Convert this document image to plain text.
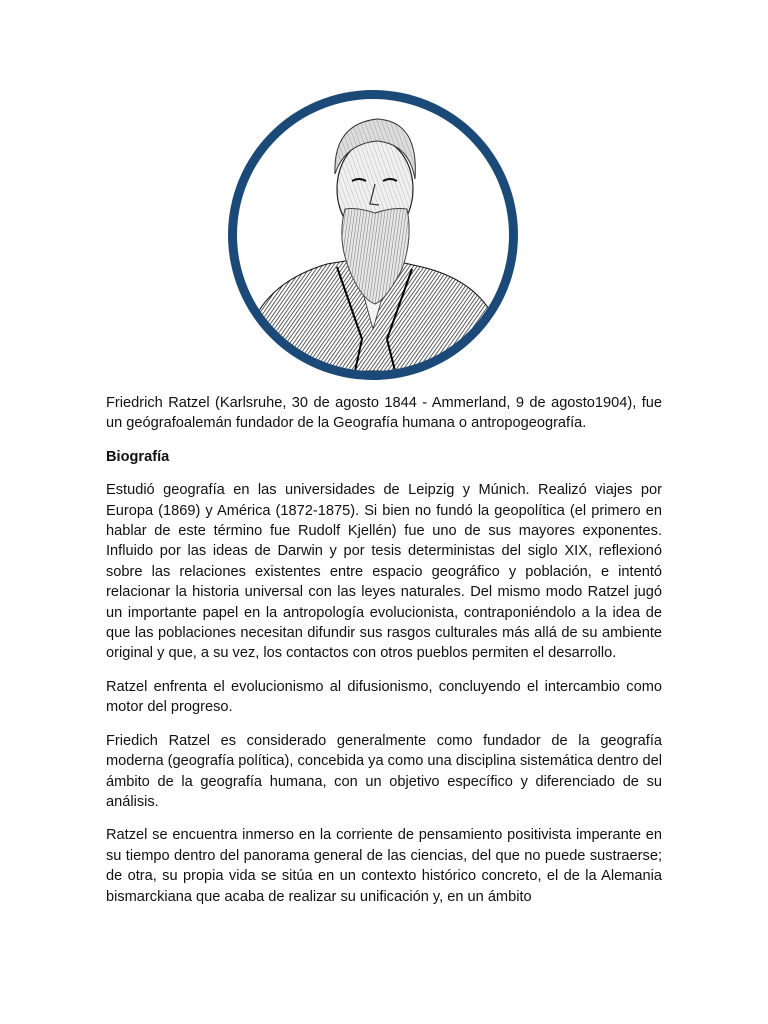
Friedrich Ratzel (Karlsruhe, 30 de agosto 1844 - Ammerland, 9 de agosto1904), fue un geógrafoalemán fundador de la Geografía humana o antropogeografía.

Biografía

Estudió geografía en las universidades de Leipzig y Múnich. Realizó viajes por Europa (1869) y América (1872-1875). Si bien no fundó la geopolítica (el primero en hablar de este término fue Rudolf Kjellén) fue uno de sus mayores exponentes. Influido por las ideas de Darwin y por tesis deterministas del siglo XIX, reflexionó sobre las relaciones existentes entre espacio geográfico y población, e intentó relacionar la historia universal con las leyes naturales. Del mismo modo Ratzel jugó un importante papel en la antropología evolucionista, contraponiéndolo a la idea de que las poblaciones necesitan difundir sus rasgos culturales más allá de su ambiente original y que, a su vez, los contactos con otros pueblos permiten el desarrollo.

Ratzel enfrenta el evolucionismo al difusionismo, concluyendo el intercambio como motor del progreso.

Friedich Ratzel es considerado generalmente como fundador de la geografía moderna (geografía política), concebida ya como una disciplina sistemática dentro del ámbito de la geografía humana, con un objetivo específico y diferenciado de su análisis.

Ratzel se encuentra inmerso en la corriente de pensamiento positivista imperante en su tiempo dentro del panorama general de las ciencias, del que no puede sustraerse; de otra, su propia vida se sitúa en un contexto histórico concreto, el de la Alemania bismarckiana que acaba de realizar su unificación y, en un ámbito
